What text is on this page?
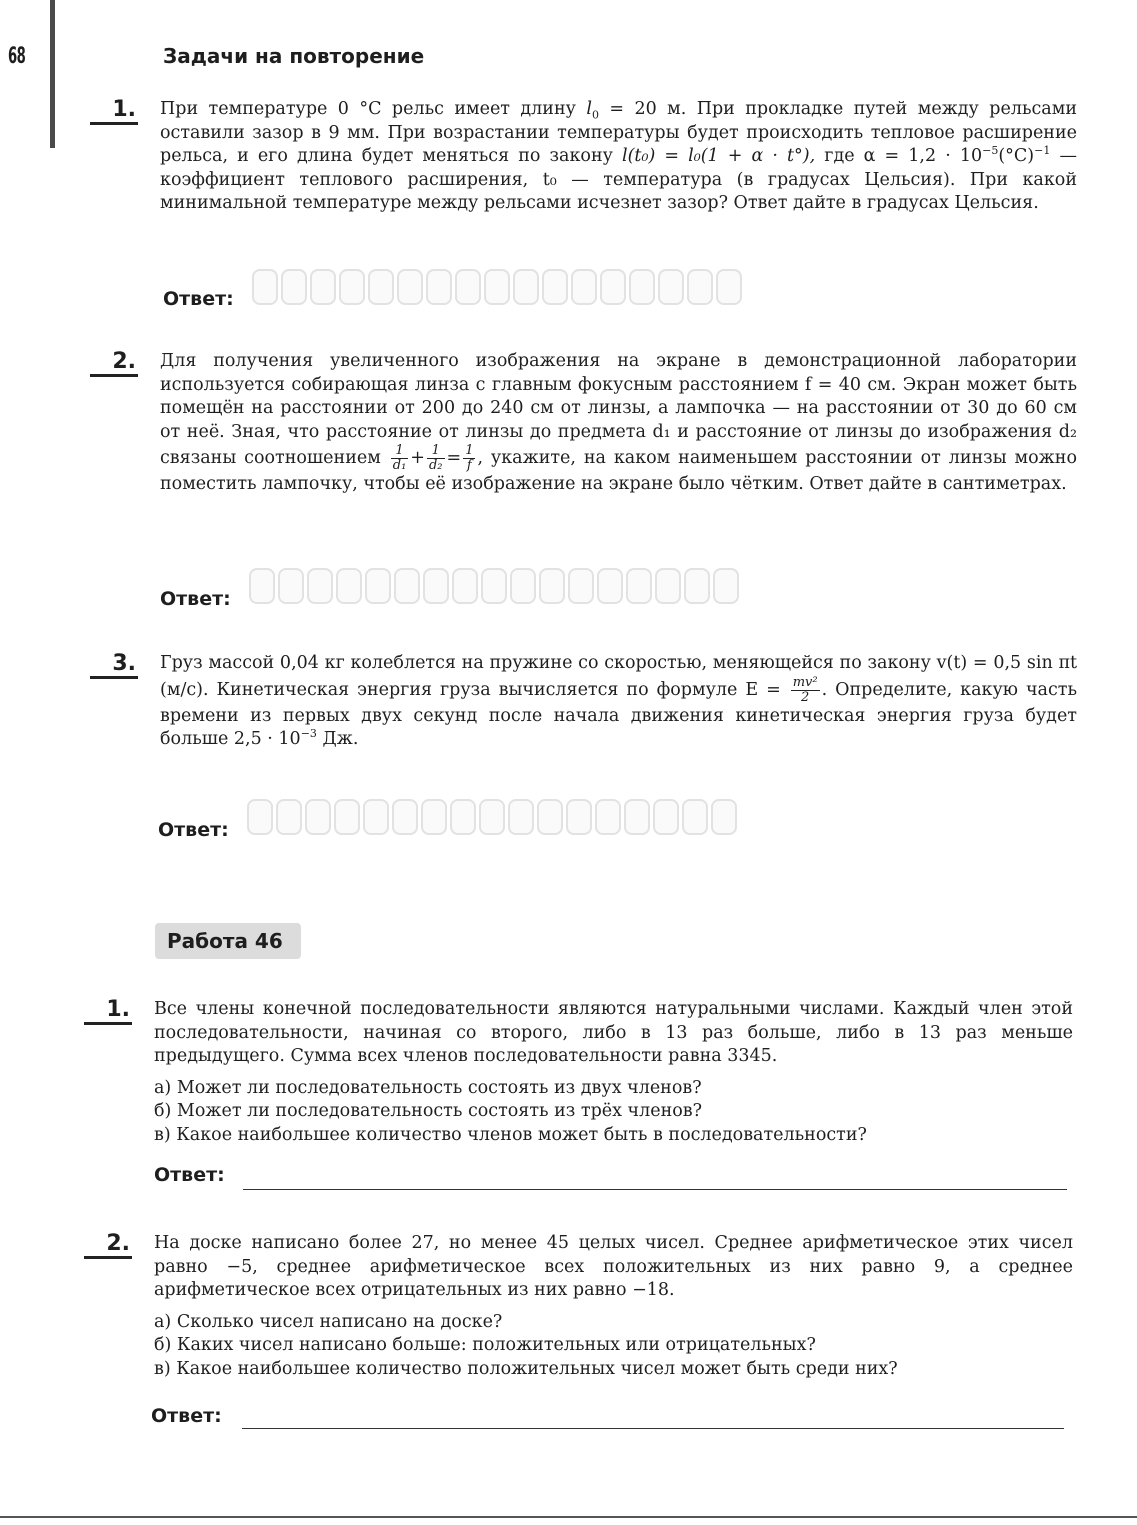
68	Задачи на повторение
1. При температуре 0 °C рельс имеет длину $l_0 = 20$ м. При прокладке путей между рельсами оставили зазор в 9 мм. При возрастании температуры будет происходить тепловое расширение рельса, и его длина будет меняться по закону l(t₀) = l₀(1 + α · t°), где $\alpha = 1,2 \cdot 10^{-5}(^\circ C)^{-1}$ — коэффициент теплового расширения, t₀ — температура (в градусах Цельсия). При какой минимальной температуре между рельсами исчезнет зазор? Ответ дайте в градусах Цельсия.

Ответ:
2. Для получения увеличенного изображения на экране в демонстрационной лаборатории используется собирающая линза с главным фокусным расстоянием f = 40 см. Экран может быть помещён на расстоянии от 200 до 240 см от линзы, а лампочка — на расстоянии от 30 до 60 см от неё. Зная, что расстояние от линзы до предмета d₁ и расстояние от линзы до изображения d₂ связаны соотношением $\frac{1}{\text{d₁}} + \frac{1}{\text{d₂}} = \frac{1}{f}$ , укажите, на каком наименьшем расстоянии от линзы можно поместить лампочку, чтобы её изображение на экране было чётким. Ответ дайте в сантиметрах.

Ответ:
3. Груз массой 0,04 кг колеблется на пружине со скоростью, меняющейся по закону v(t) = 0,5 sin πt (м/с). Кинетическая энергия груза вычисляется по формуле $E = \frac{\text{mv²}}{2}$ . Определите, какую часть времени из первых двух секунд после начала движения кинетическая энергия груза будет больше $2,5 \cdot 10^{-3}$ Дж.

Ответ:
Работа 46
1. Все члены конечной последовательности являются натуральными числами. Каждый член этой последовательности, начиная со второго, либо в 13 раз больше, либо в 13 раз меньше предыдущего. Сумма всех членов последовательности равна 3345.

а) Может ли последовательность состоять из двух членов?

б) Может ли последовательность состоять из трёх членов?

в) Какое наибольшее количество членов может быть в последовательности?

Ответ:
2. На доске написано более 27, но менее 45 целых чисел. Среднее арифметическое этих чисел равно −5, среднее арифметическое всех положительных из них равно 9, а среднее арифметическое всех отрицательных из них равно −18.

а) Сколько чисел написано на доске?

б) Каких чисел написано больше: положительных или отрицательных?

в) Какое наибольшее количество положительных чисел может быть среди них?

Ответ:
